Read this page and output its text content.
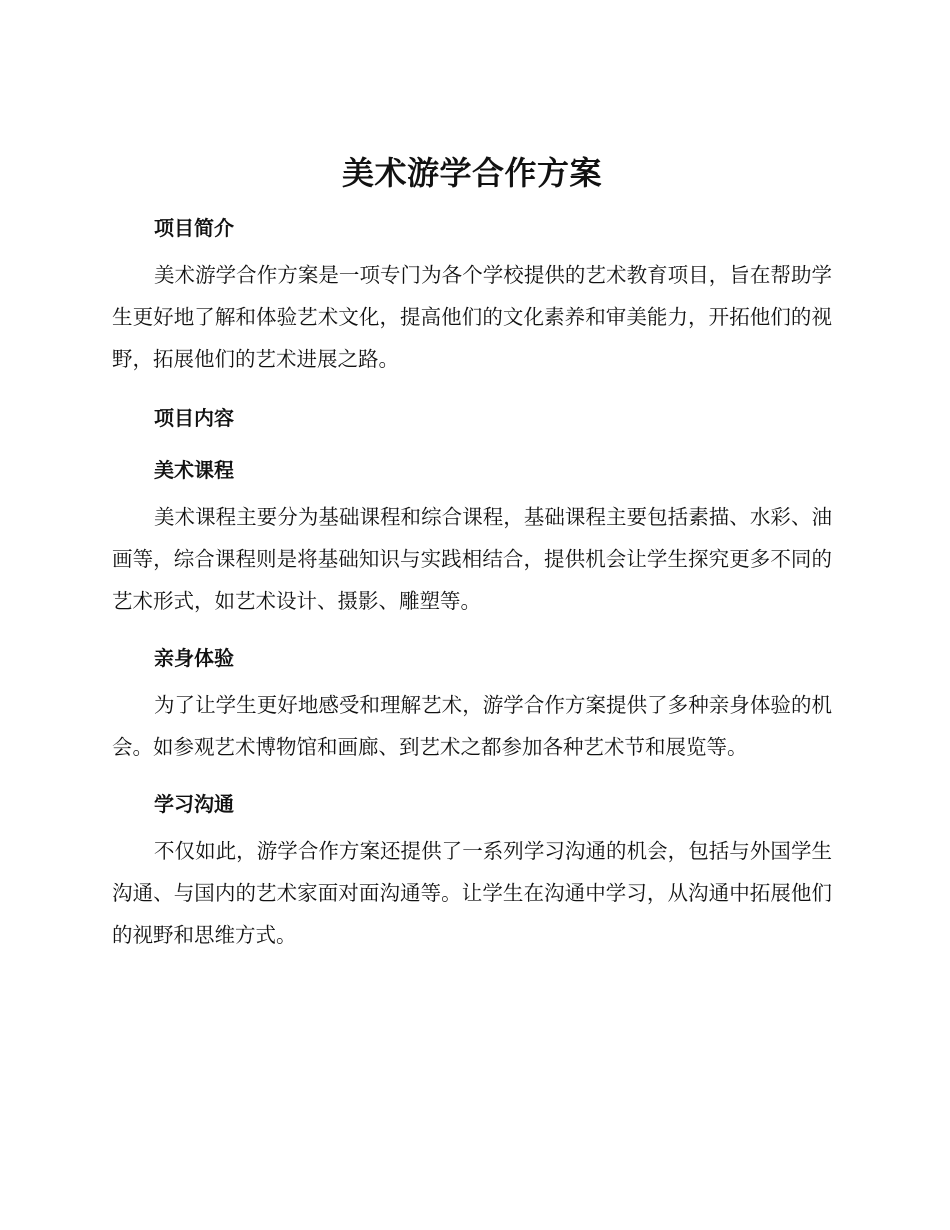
美术游学合作方案
项目简介

美术游学合作方案是一项专门为各个学校提供的艺术教育项目，旨在帮助学生更好地了解和体验艺术文化，提高他们的文化素养和审美能力，开拓他们的视野，拓展他们的艺术进展之路。

项目内容
美术课程

美术课程主要分为基础课程和综合课程，基础课程主要包括素描、水彩、油画等，综合课程则是将基础知识与实践相结合，提供机会让学生探究更多不同的艺术形式，如艺术设计、摄影、雕塑等。

亲身体验

为了让学生更好地感受和理解艺术，游学合作方案提供了多种亲身体验的机会。如参观艺术博物馆和画廊、到艺术之都参加各种艺术节和展览等。

学习沟通

不仅如此，游学合作方案还提供了一系列学习沟通的机会，包括与外国学生沟通、与国内的艺术家面对面沟通等。让学生在沟通中学习，从沟通中拓展他们的视野和思维方式。
